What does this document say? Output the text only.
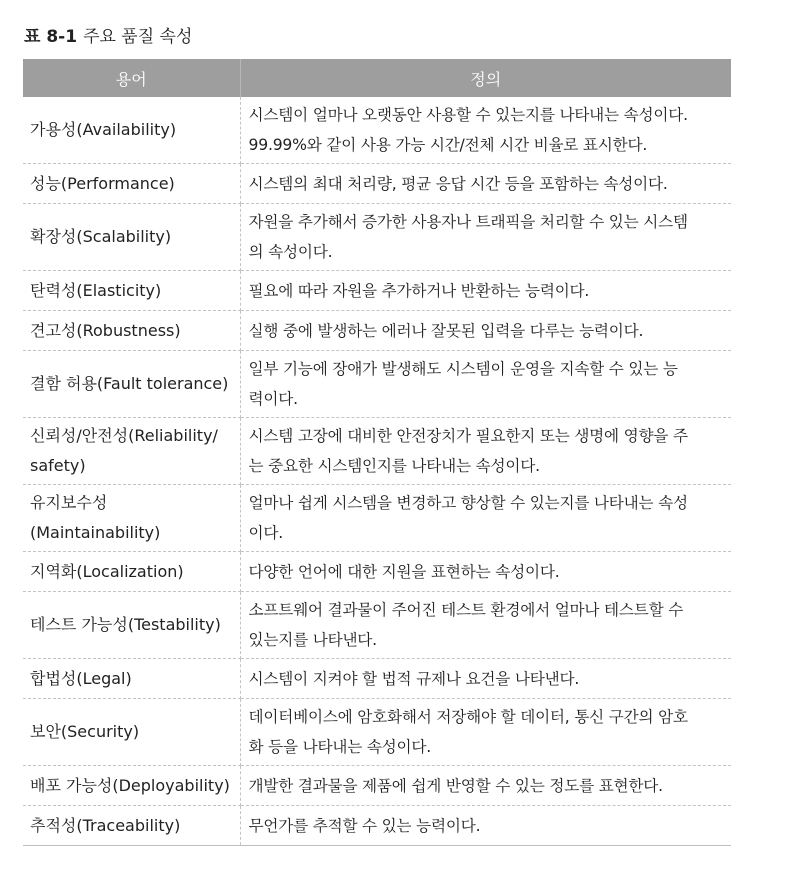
표 8-1 주요 품질 속성
용어	정의
가용성(Availability)	시스템이 얼마나 오랫동안 사용할 수 있는지를 나타내는 속성이다.
99.99%와 같이 사용 가능 시간/전체 시간 비율로 표시한다.
성능(Performance)	시스템의 최대 처리량, 평균 응답 시간 등을 포함하는 속성이다.
확장성(Scalability)	자원을 추가해서 증가한 사용자나 트래픽을 처리할 수 있는 시스템
의 속성이다.
탄력성(Elasticity)	필요에 따라 자원을 추가하거나 반환하는 능력이다.
견고성(Robustness)	실행 중에 발생하는 에러나 잘못된 입력을 다루는 능력이다.
결함 허용(Fault tolerance)	일부 기능에 장애가 발생해도 시스템이 운영을 지속할 수 있는 능
력이다.
신뢰성/안전성(Reliability/
safety)	시스템 고장에 대비한 안전장치가 필요한지 또는 생명에 영향을 주
는 중요한 시스템인지를 나타내는 속성이다.
유지보수성
(Maintainability)	얼마나 쉽게 시스템을 변경하고 향상할 수 있는지를 나타내는 속성
이다.
지역화(Localization)	다양한 언어에 대한 지원을 표현하는 속성이다.
테스트 가능성(Testability)	소프트웨어 결과물이 주어진 테스트 환경에서 얼마나 테스트할 수
있는지를 나타낸다.
합법성(Legal)	시스템이 지켜야 할 법적 규제나 요건을 나타낸다.
보안(Security)	데이터베이스에 암호화해서 저장해야 할 데이터, 통신 구간의 암호
화 등을 나타내는 속성이다.
배포 가능성(Deployability)	개발한 결과물을 제품에 쉽게 반영할 수 있는 정도를 표현한다.
추적성(Traceability)	무언가를 추적할 수 있는 능력이다.
